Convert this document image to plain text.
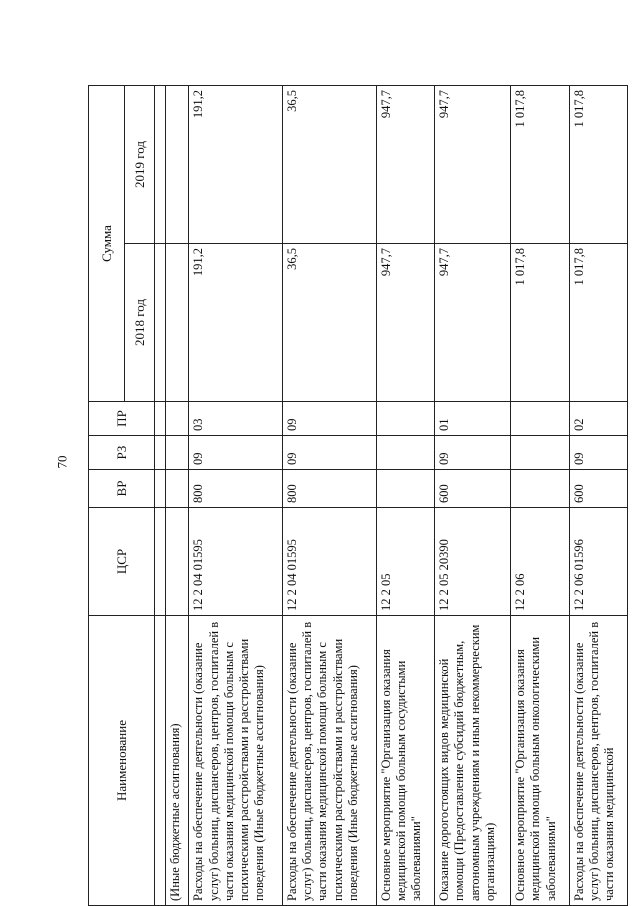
70
Наименование	ЦСР	ВР	РЗ	ПР	Сумма	
					2018 год	2019 год

(Иные бюджетные ассигнования)						
Расходы на обеспечение деятельности (оказание услуг) больниц, диспансеров, центров, госпиталей в части оказания медицинской помощи больным с психическими расстройствами и расстройствами поведения (Иные бюджетные ассигнования)	12 2 04 01595	800	09	03	191,2	191,2
Расходы на обеспечение деятельности (оказание услуг) больниц, диспансеров, центров, госпиталей в части оказания медицинской помощи больным с психическими расстройствами и расстройствами поведения (Иные бюджетные ассигнования)	12 2 04 01595	800	09	09	36,5	36,5
Основное мероприятие "Организация оказания медицинской помощи больным сосудистыми заболеваниями"	12 2 05				947,7	947,7
Оказание дорогостоящих видов медицинской помощи (Предоставление субсидий бюджетным, автономным учреждениям и иным некоммерческим организациям)	12 2 05 20390	600	09	01	947,7	947,7
Основное мероприятие "Организация оказания медицинской помощи больным онкологическими заболеваниями"	12 2 06				1 017,8	1 017,8
Расходы на обеспечение деятельности (оказание услуг) больниц, диспансеров, центров, госпиталей в части оказания медицинской	12 2 06 01596	600	09	02	1 017,8	1 017,8
